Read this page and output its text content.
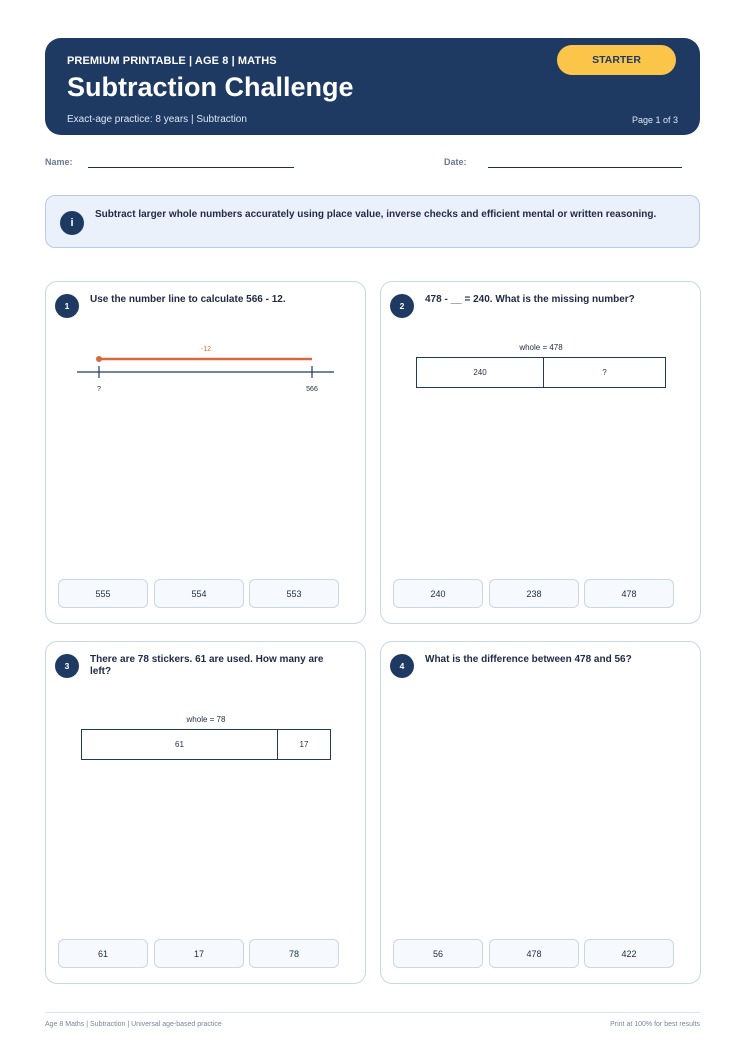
PREMIUM PRINTABLE | AGE 8 | MATHS
Subtraction Challenge
Exact-age practice: 8 years | Subtraction	Page 1 of 3
STARTER
Name:	Date:
i
Subtract larger whole numbers accurately using place value, inverse checks and efficient mental or written reasoning.
1
Use the number line to calculate 566 - 12.
-12
?	566
555	554	553
2
478 - __ = 240. What is the missing number?
whole = 478
240	?
240	238	478
3
There are 78 stickers. 61 are used. How many are left?
whole = 78
61	17
61	17	78
4
What is the difference between 478 and 56?
56	478	422
Age 8 Maths | Subtraction | Universal age-based practice	Print at 100% for best results
